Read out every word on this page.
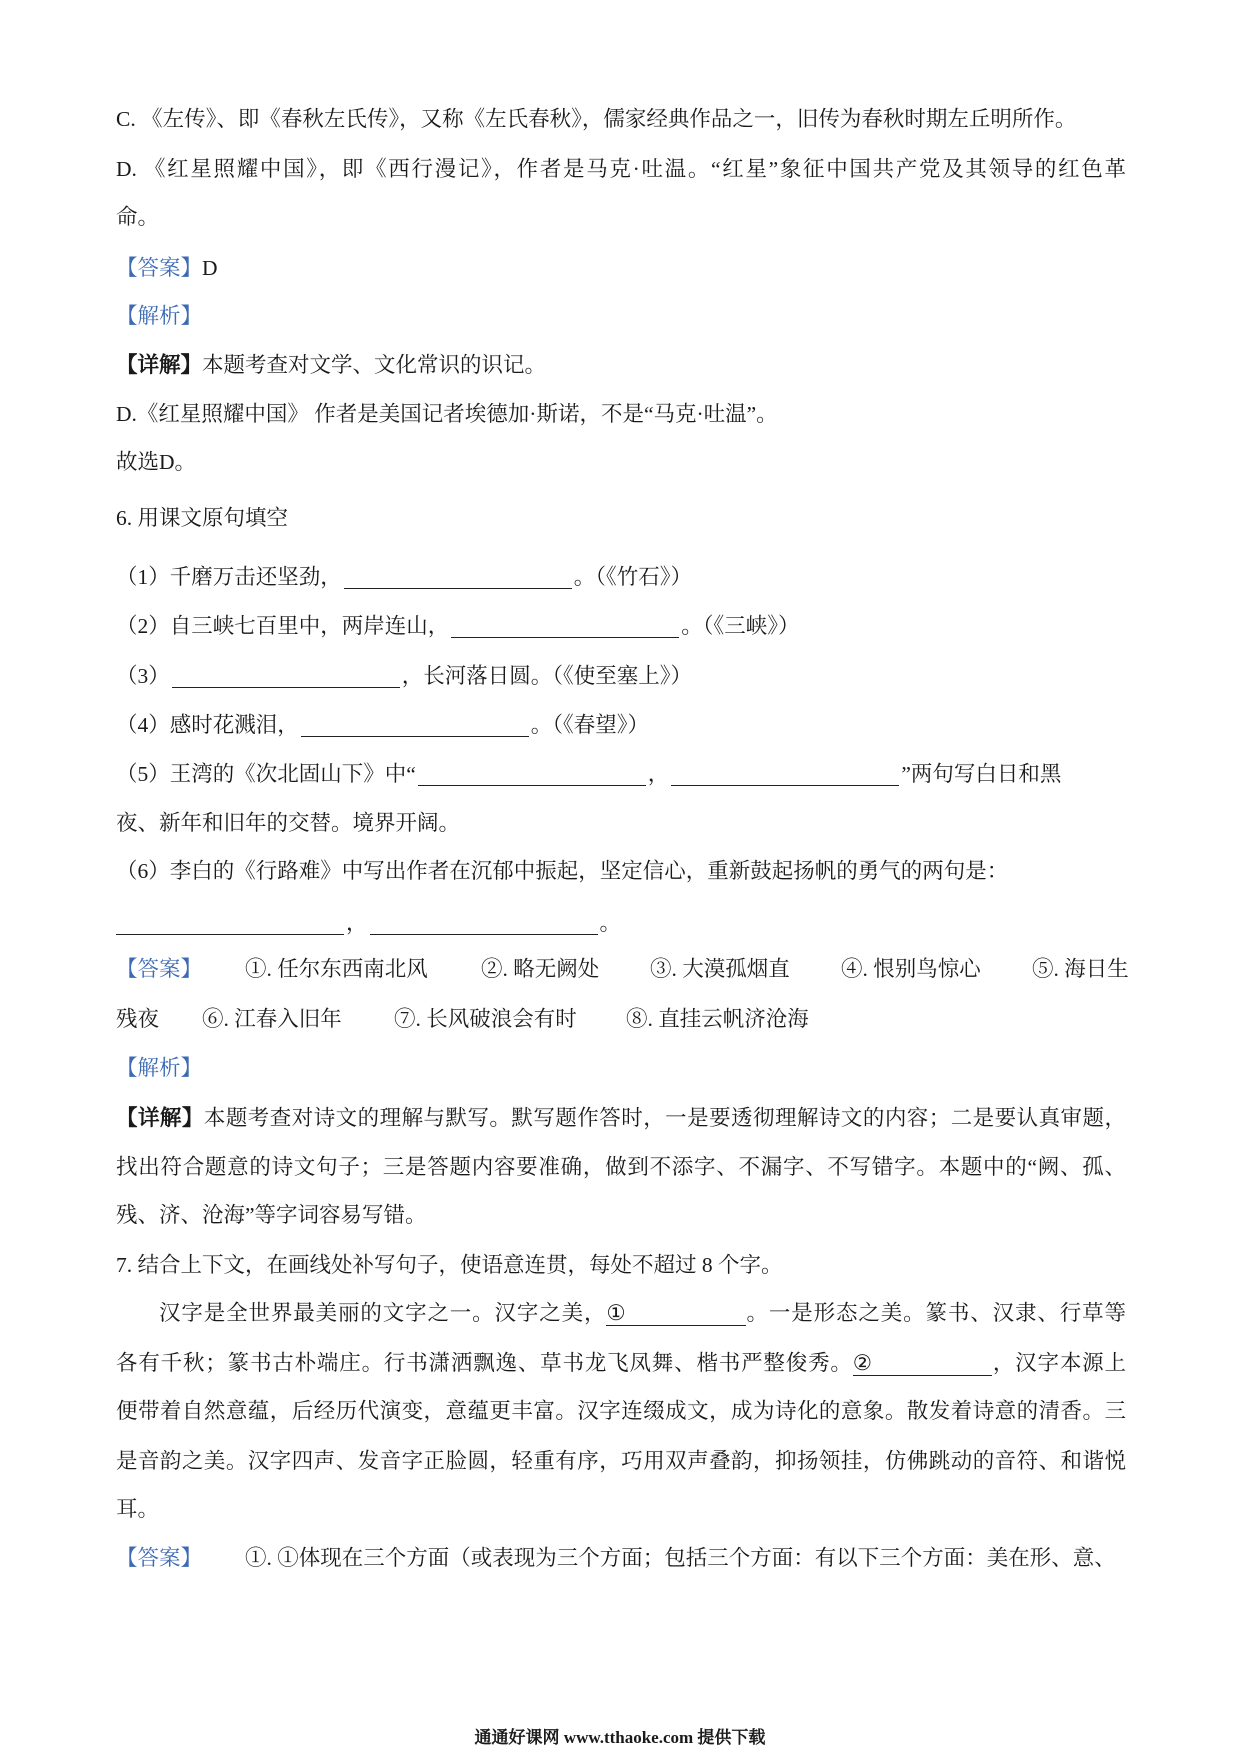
C. 《左传》、即《春秋左氏传》，又称《左氏春秋》，儒家经典作品之一，旧传为春秋时期左丘明所作。
D. 《红星照耀中国》，即《西行漫记》，作者是马克·吐温。“红星”象征中国共产党及其领导的红色革
命。
【答案】D
【解析】
【详解】本题考查对文学、文化常识的识记。
D.《红星照耀中国》 作者是美国记者埃德加·斯诺，不是“马克·吐温”。
故选D。
6. 用课文原句填空
（1）千磨万击还坚劲，	。（《竹石》）
（2）自三峡七百里中，两岸连山，	。（《三峡》）
（3）	，长河落日圆。（《使至塞上》）
（4）感时花溅泪，	。（《春望》）
（5）王湾的《次北固山下》中“	，	”两句写白日和黑
夜、新年和旧年的交替。境界开阔。
（6）李白的《行路难》中写出作者在沉郁中振起，坚定信心，重新鼓起扬帆的勇气的两句是：
，	。
【答案】 ①. 任尔东西南北风 ②. 略无阙处 ③. 大漠孤烟直 ④. 恨别鸟惊心 ⑤. 海日生
残夜 ⑥. 江春入旧年 ⑦. 长风破浪会有时 ⑧. 直挂云帆济沧海
【解析】
【详解】本题考查对诗文的理解与默写。默写题作答时，一是要透彻理解诗文的内容；二是要认真审题，
找出符合题意的诗文句子；三是答题内容要准确，做到不添字、不漏字、不写错字。本题中的“阙、孤、
残、济、沧海”等字词容易写错。
7. 结合上下文，在画线处补写句子，使语意连贯，每处不超过 8 个字。
汉字是全世界最美丽的文字之一。汉字之美，①	。一是形态之美。篆书、汉隶、行草等
各有千秋；篆书古朴端庄。行书潇洒飘逸、草书龙飞凤舞、楷书严整俊秀。②	，汉字本源上
便带着自然意蕴，后经历代演变，意蕴更丰富。汉字连缀成文，成为诗化的意象。散发着诗意的清香。三
是音韵之美。汉字四声、发音字正脸圆，轻重有序，巧用双声叠韵，抑扬领挂，仿佛跳动的音符、和谐悦
耳。
【答案】 ①. ①体现在三个方面（或表现为三个方面；包括三个方面：有以下三个方面：美在形、意、
通通好课网 www.tthaoke.com 提供下载
